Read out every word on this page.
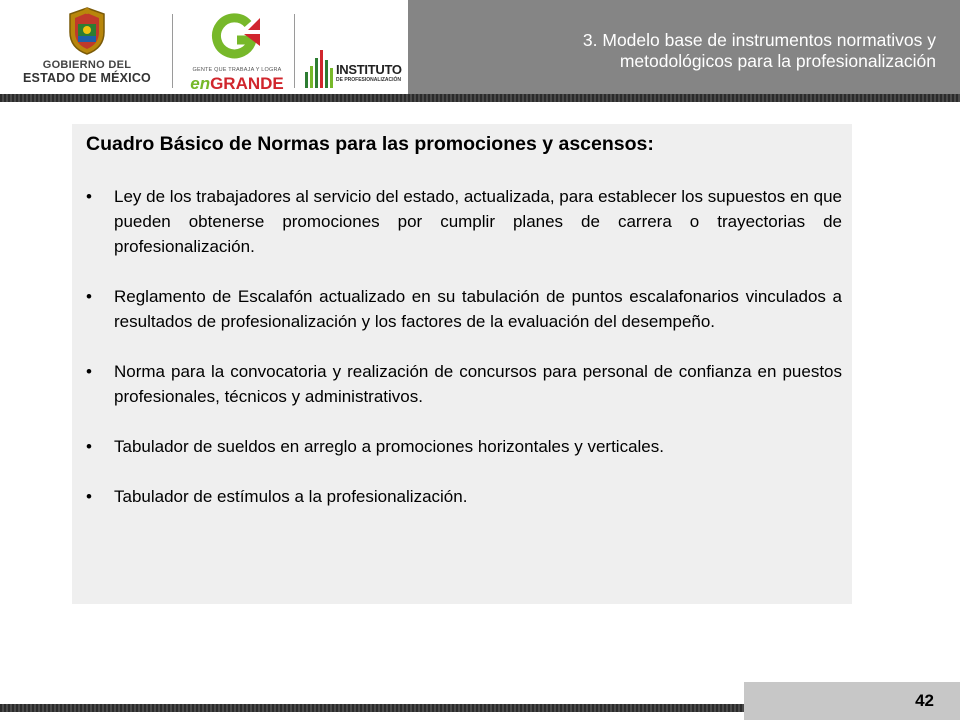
GOBIERNO DEL
ESTADO DE MÉXICO
GENTE QUE TRABAJA Y LOGRA
enGRANDE
INSTITUTO
DE PROFESIONALIZACIÓN
3. Modelo base de instrumentos normativos y
metodológicos para la profesionalización
Cuadro Básico de Normas para las promociones y ascensos:
• Ley de los trabajadores al servicio del estado, actualizada, para establecer los supuestos en que pueden obtenerse promociones por cumplir planes de carrera o trayectorias de profesionalización.
• Reglamento de Escalafón actualizado en su tabulación de puntos escalafonarios vinculados a resultados de profesionalización y los factores de la evaluación del desempeño.
• Norma para la convocatoria y realización de concursos para personal de confianza en puestos profesionales, técnicos y administrativos.
• Tabulador de sueldos en arreglo a promociones horizontales y verticales.
• Tabulador de estímulos a la profesionalización.
42
